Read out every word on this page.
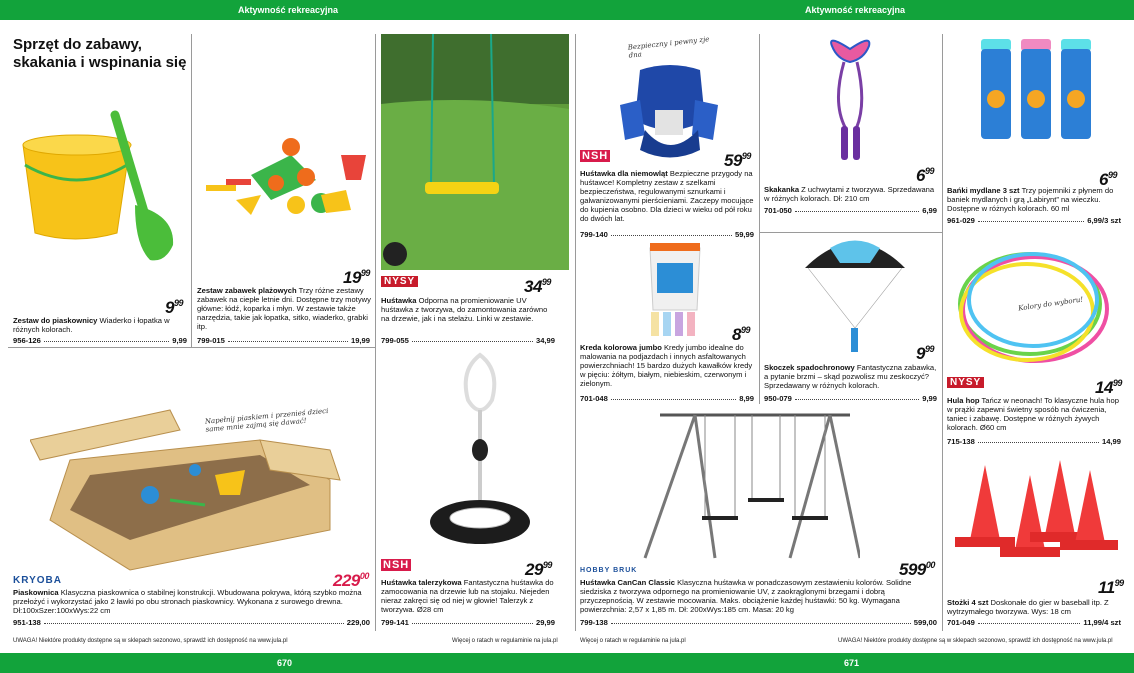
Aktywność rekreacyjna	Aktywność rekreacyjna
670	671
Sprzęt do zabawy,
skakania i wspinania się
$9^{99}$
Zestaw do piaskownicy Wiaderko i łopatka w różnych kolorach.
956-126	9,99
$19^{99}$
Zestaw zabawek plażowych Trzy różne zestawy zabawek na ciepłe letnie dni. Dostępne trzy motywy główne: łódź, koparka i młyn. W zestawie także narzędzia, takie jak łopatka, sitko, wiaderko, grabki itp.
799-015	19,99
NYSY	$34^{99}$
Huśtawka Odporna na promieniowanie UV huśtawka z tworzywa, do zamontowania zarówno na drzewie, jak i na stelażu. Linki w zestawie.
799-055	34,99
Napełnij piaskiem i przenieś dzieci same mnie zajmą się dawać!
KRYOBA	$229^{00}$
Piaskownica Klasyczna piaskownica o stabilnej konstrukcji. Wbudowana pokrywa, którą szybko można przełożyć i wykorzystać jako 2 ławki po obu stronach piaskownicy. Wykonana z surowego drewna. Dł:100xSzer:100xWys:22 cm
951-138	229,00
NSH	$29^{99}$
Huśtawka talerzykowa Fantastyczna huśtawka do zamocowania na drzewie lub na stojaku. Niejeden nieraz zakręci się od niej w głowie! Talerzyk z tworzywa. Ø28 cm
799-141	29,99
UWAGA! Niektóre produkty dostępne są w sklepach sezonowo, sprawdź ich dostępność na www.jula.pl	Więcej o ratach w regulaminie na jula.pl
Bezpieczny i pewny zje dna
NSH	$59^{99}$
Huśtawka dla niemowląt Bezpieczne przygody na huśtawce! Kompletny zestaw z szelkami bezpieczeństwa, regulowanymi sznurkami i galwanizowanymi pierścieniami. Zaczepy mocujące do kupienia osobno. Dla dzieci w wieku od pół roku do dwóch lat.
799-140	59,99
$8^{99}$
Kreda kolorowa jumbo Kredy jumbo idealne do malowania na podjazdach i innych asfaltowanych powierzchniach! 15 bardzo dużych kawałków kredy w pięciu: żółtym, białym, niebieskim, czerwonym i zielonym.
701-048	8,99
HOBBY BRUK	$599^{00}$
Huśtawka CanCan Classic Klasyczna huśtawka w ponadczasowym zestawieniu kolorów. Solidne siedziska z tworzywa odpornego na promieniowanie UV, z zaokrąglonymi brzegami i dobrą przyczepnością. W zestawie mocowania. Maks. obciążenie każdej huśtawki: 50 kg. Wymagana powierzchnia: 2,57 x 1,85 m. Dł: 200xWys:185 cm. Masa: 20 kg
799-138	599,00
Więcej o ratach w regulaminie na jula.pl	UWAGA! Niektóre produkty dostępne są w sklepach sezonowo, sprawdź ich dostępność na www.jula.pl
$6^{99}$
Skakanka Z uchwytami z tworzywa. Sprzedawana w różnych kolorach. Dł: 210 cm
701-050	6,99
$9^{99}$
Skoczek spadochronowy Fantastyczna zabawka, a pytanie brzmi – skąd pozwolisz mu zeskoczyć? Sprzedawany w różnych kolorach.
950-079	9,99
$6^{99}$
Bańki mydlane 3 szt Trzy pojemniki z płynem do baniek mydlanych i grą „Labirynt” na wieczku. Dostępne w różnych kolorach. 60 ml
961-029	6,99/3 szt
Kolory do wyboru!
NYSY	$14^{99}$
Hula hop Tańcz w neonach! To klasyczne hula hop w prążki zapewni świetny sposób na ćwiczenia, taniec i zabawę. Dostępne w różnych żywych kolorach. Ø60 cm
715-138	14,99
$11^{99}$
Stożki 4 szt Doskonałe do gier w baseball itp. Z wytrzymałego tworzywa. Wys: 18 cm
701-049	11,99/4 szt
